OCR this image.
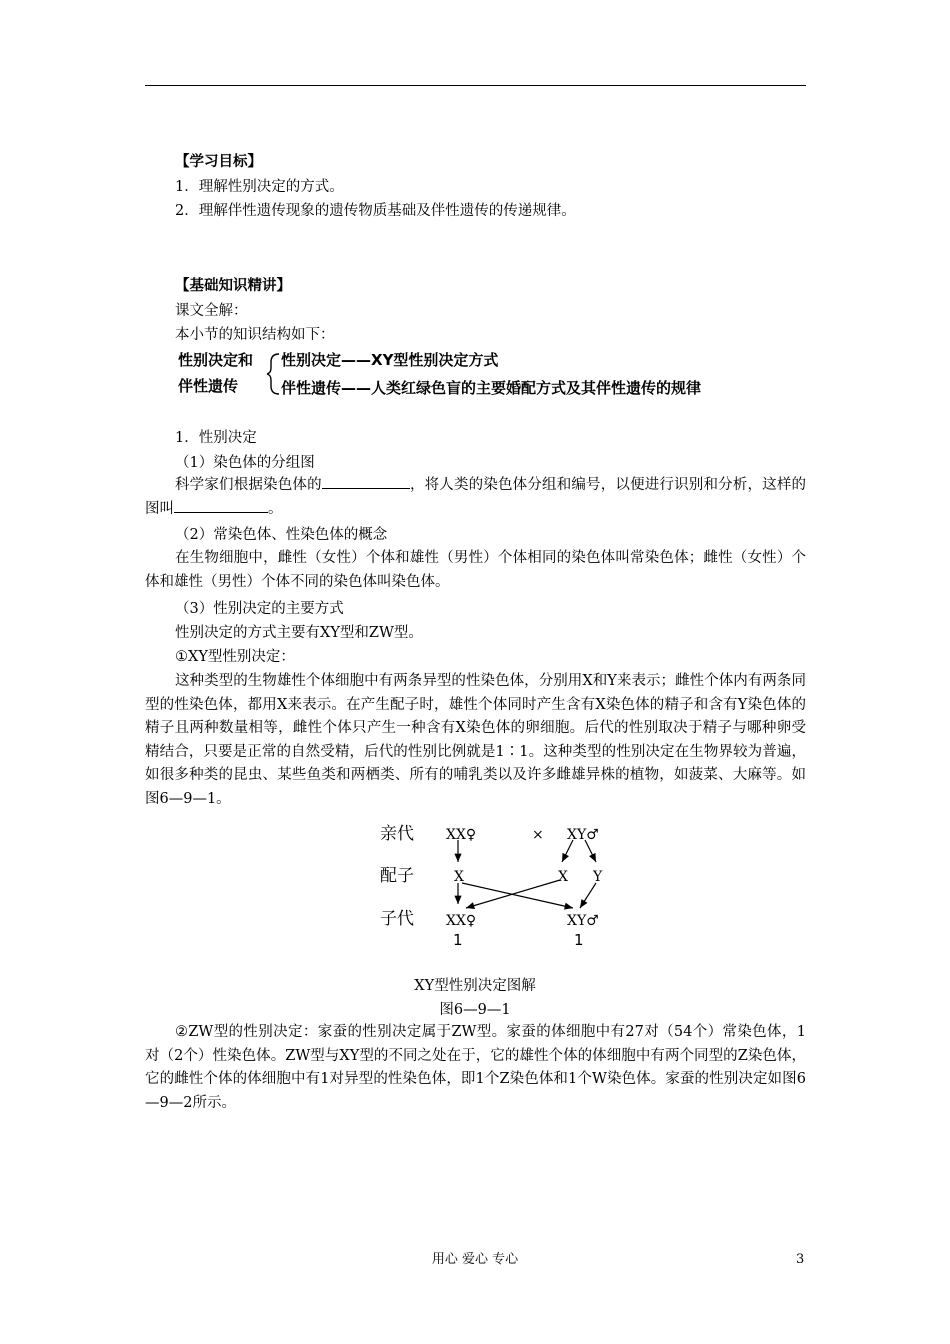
【学习目标】
1．理解性别决定的方式。
2．理解伴性遗传现象的遗传物质基础及伴性遗传的传递规律。
【基础知识精讲】
课文全解：
本小节的知识结构如下：
性别决定和
伴性遗传
性别决定——XY型性别决定方式
伴性遗传——人类红绿色盲的主要婚配方式及其伴性遗传的规律
1．性别决定
（1）染色体的分组图
科学家们根据染色体的	，将人类的染色体分组和编号，以便进行识别和分析，这样的图叫	。
（2）常染色体、性染色体的概念
在生物细胞中，雌性（女性）个体和雄性（男性）个体相同的染色体叫常染色体；雌性（女性）个体和雄性（男性）个体不同的染色体叫染色体。
（3）性别决定的主要方式
性别决定的方式主要有XY型和ZW型。
①XY型性别决定：
这种类型的生物雄性个体细胞中有两条异型的性染色体，分别用X和Y来表示；雌性个体内有两条同型的性染色体，都用X来表示。在产生配子时，雄性个体同时产生含有X染色体的精子和含有Y染色体的精子且两种数量相等，雌性个体只产生一种含有X染色体的卵细胞。后代的性别取决于精子与哪种卵受精结合，只要是正常的自然受精，后代的性别比例就是1∶1。这种类型的性别决定在生物界较为普遍，如很多种类的昆虫、某些鱼类和两栖类、所有的哺乳类以及许多雌雄异株的植物，如菠菜、大麻等。如图6—9—1。
亲代
配子
子代
XX♀	× XY♂
X	X Y
XX♀	XY♂
1	1
XY型性别决定图解
图6—9—1
②ZW型的性别决定：家蚕的性别决定属于ZW型。家蚕的体细胞中有27对（54个）常染色体，1对（2个）性染色体。ZW型与XY型的不同之处在于，它的雄性个体的体细胞中有两个同型的Z染色体，它的雌性个体的体细胞中有1对异型的性染色体，即1个Z染色体和1个W染色体。家蚕的性别决定如图6—9—2所示。
用心 爱心 专心	3
